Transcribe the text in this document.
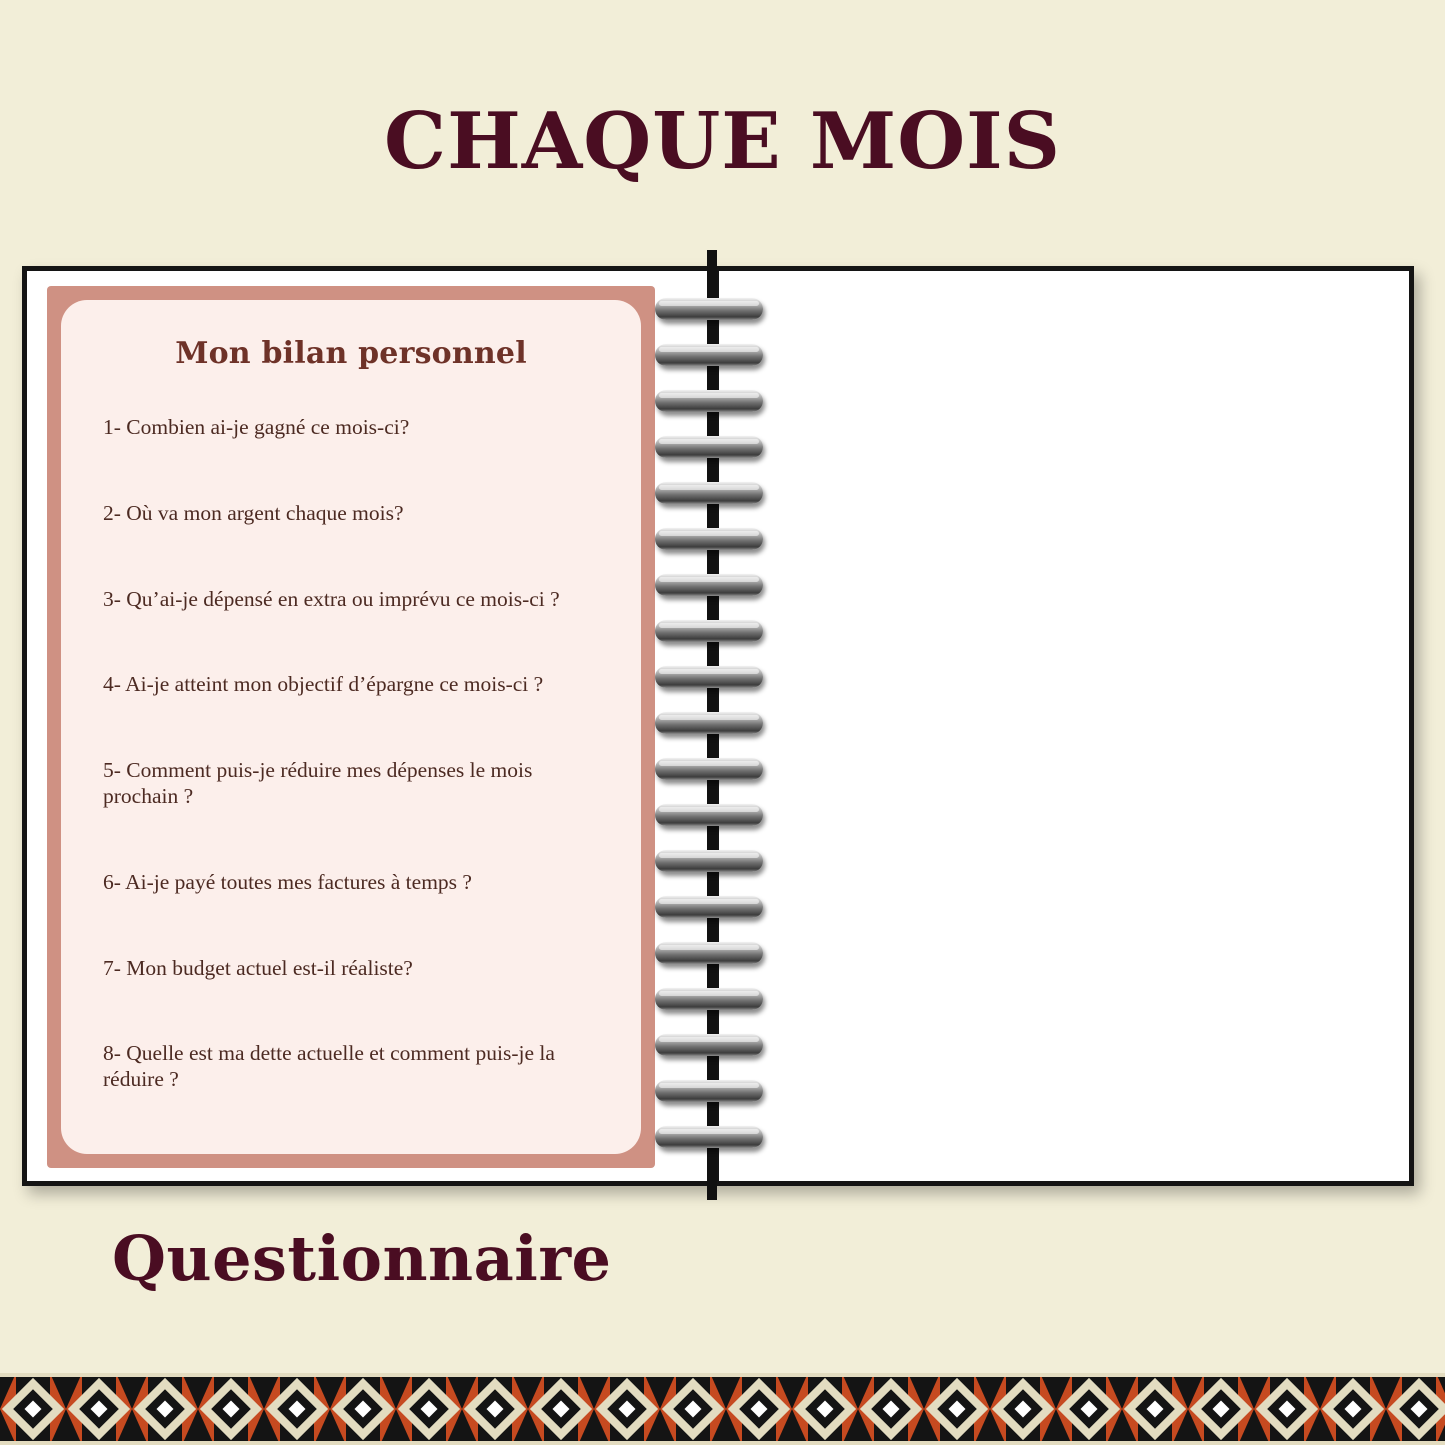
CHAQUE MOIS
Mon bilan personnel
1- Combien ai-je gagné ce mois-ci?
2- Où va mon argent chaque mois?
3- Qu’ai-je dépensé en extra ou imprévu ce mois-ci ?
4- Ai-je atteint mon objectif d’épargne ce mois-ci ?
5- Comment puis-je réduire mes dépenses le mois prochain ?
6- Ai-je payé toutes mes factures à temps ?
7- Mon budget actuel est-il réaliste?
8- Quelle est ma dette actuelle et comment puis-je la réduire ?
Questionnaire
